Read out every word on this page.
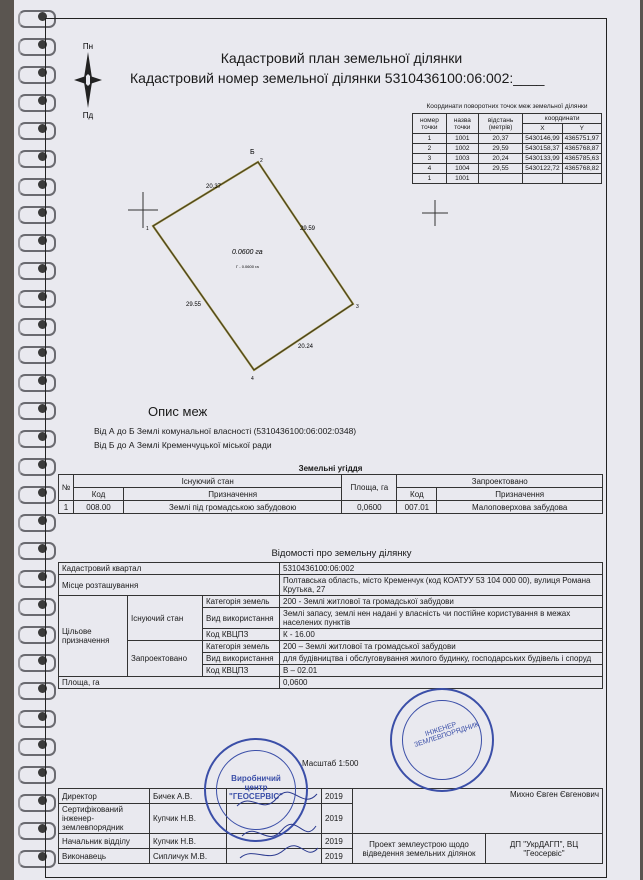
Пн
Пд
Кадастровий план земельної ділянки
Кадастровий номер земельної ділянки 5310436100:06:002:____
Координати поворотних точок меж земельної ділянки
номер точки	назва точки	відстань (метрів)	координати	
			X	Y
1	1001	20,37	5430146,99	4365751,97
2	1002	29,59	5430158,37	4365768,87
3	1003	20,24	5430133,99	4365785,63
4	1004	29,55	5430122,72	4365768,82
1	1001			
20.37
29.59
20.24
29.55
Б
2
1
3
4
0.0600 га
Г - 0.0600 га
Опис меж
Від А до Б Землі комунальної власності (5310436100:06:002:0348)
Від Б до А Землі Кременчуцької міської ради
Земельні угіддя					
№	Існуючий стан		Площа, га	Запроектовано	
	Код	Призначення		Код	Призначення
1	008.00	Землі під громадською забудовою	0,0600	007.01	Малоповерхова забудова
Відомості про земельну ділянку
Кадастровий квартал			5310436100:06:002
Місце розташування			Полтавська область, місто Кременчук (код КОАТУУ 53 104 000 00), вулиця Романа Крутька, 27
Цільове призначення	Існуючий стан	Категорія земель	200 - Землі житлової та громадської забудови
		Вид використання	Землі запасу, землі нен надані у власність чи постійне користування в межах населених пунктів
		Код КВЦПЗ	К - 16.00
	Запроектовано	Категорія земель	200 – Землі житлової та громадської забудови
		Вид використання	для будівництва і обслуговування жилого будинку, господарських будівель і споруд
		Код КВЦПЗ	В – 02.01
Площа, га			0,0600
Масштаб 1:500
Директор	Бичек А.В.		2019	Михно Євген Євгенович	
Сертифікований інженер-землевпорядник	Купчик Н.В.		2019		
Начальник відділу	Купчик Н.В.		2019	Проект землеустрою щодо відведення земельних ділянок	ДП "УкрДАГП", ВЦ "Геосервіс"
Виконавець	Сипличук М.В.		2019		
Виробничий центр "ГЕОСЕРВІС"
ІНЖЕНЕР ЗЕМЛЕВПОРЯДНИК
